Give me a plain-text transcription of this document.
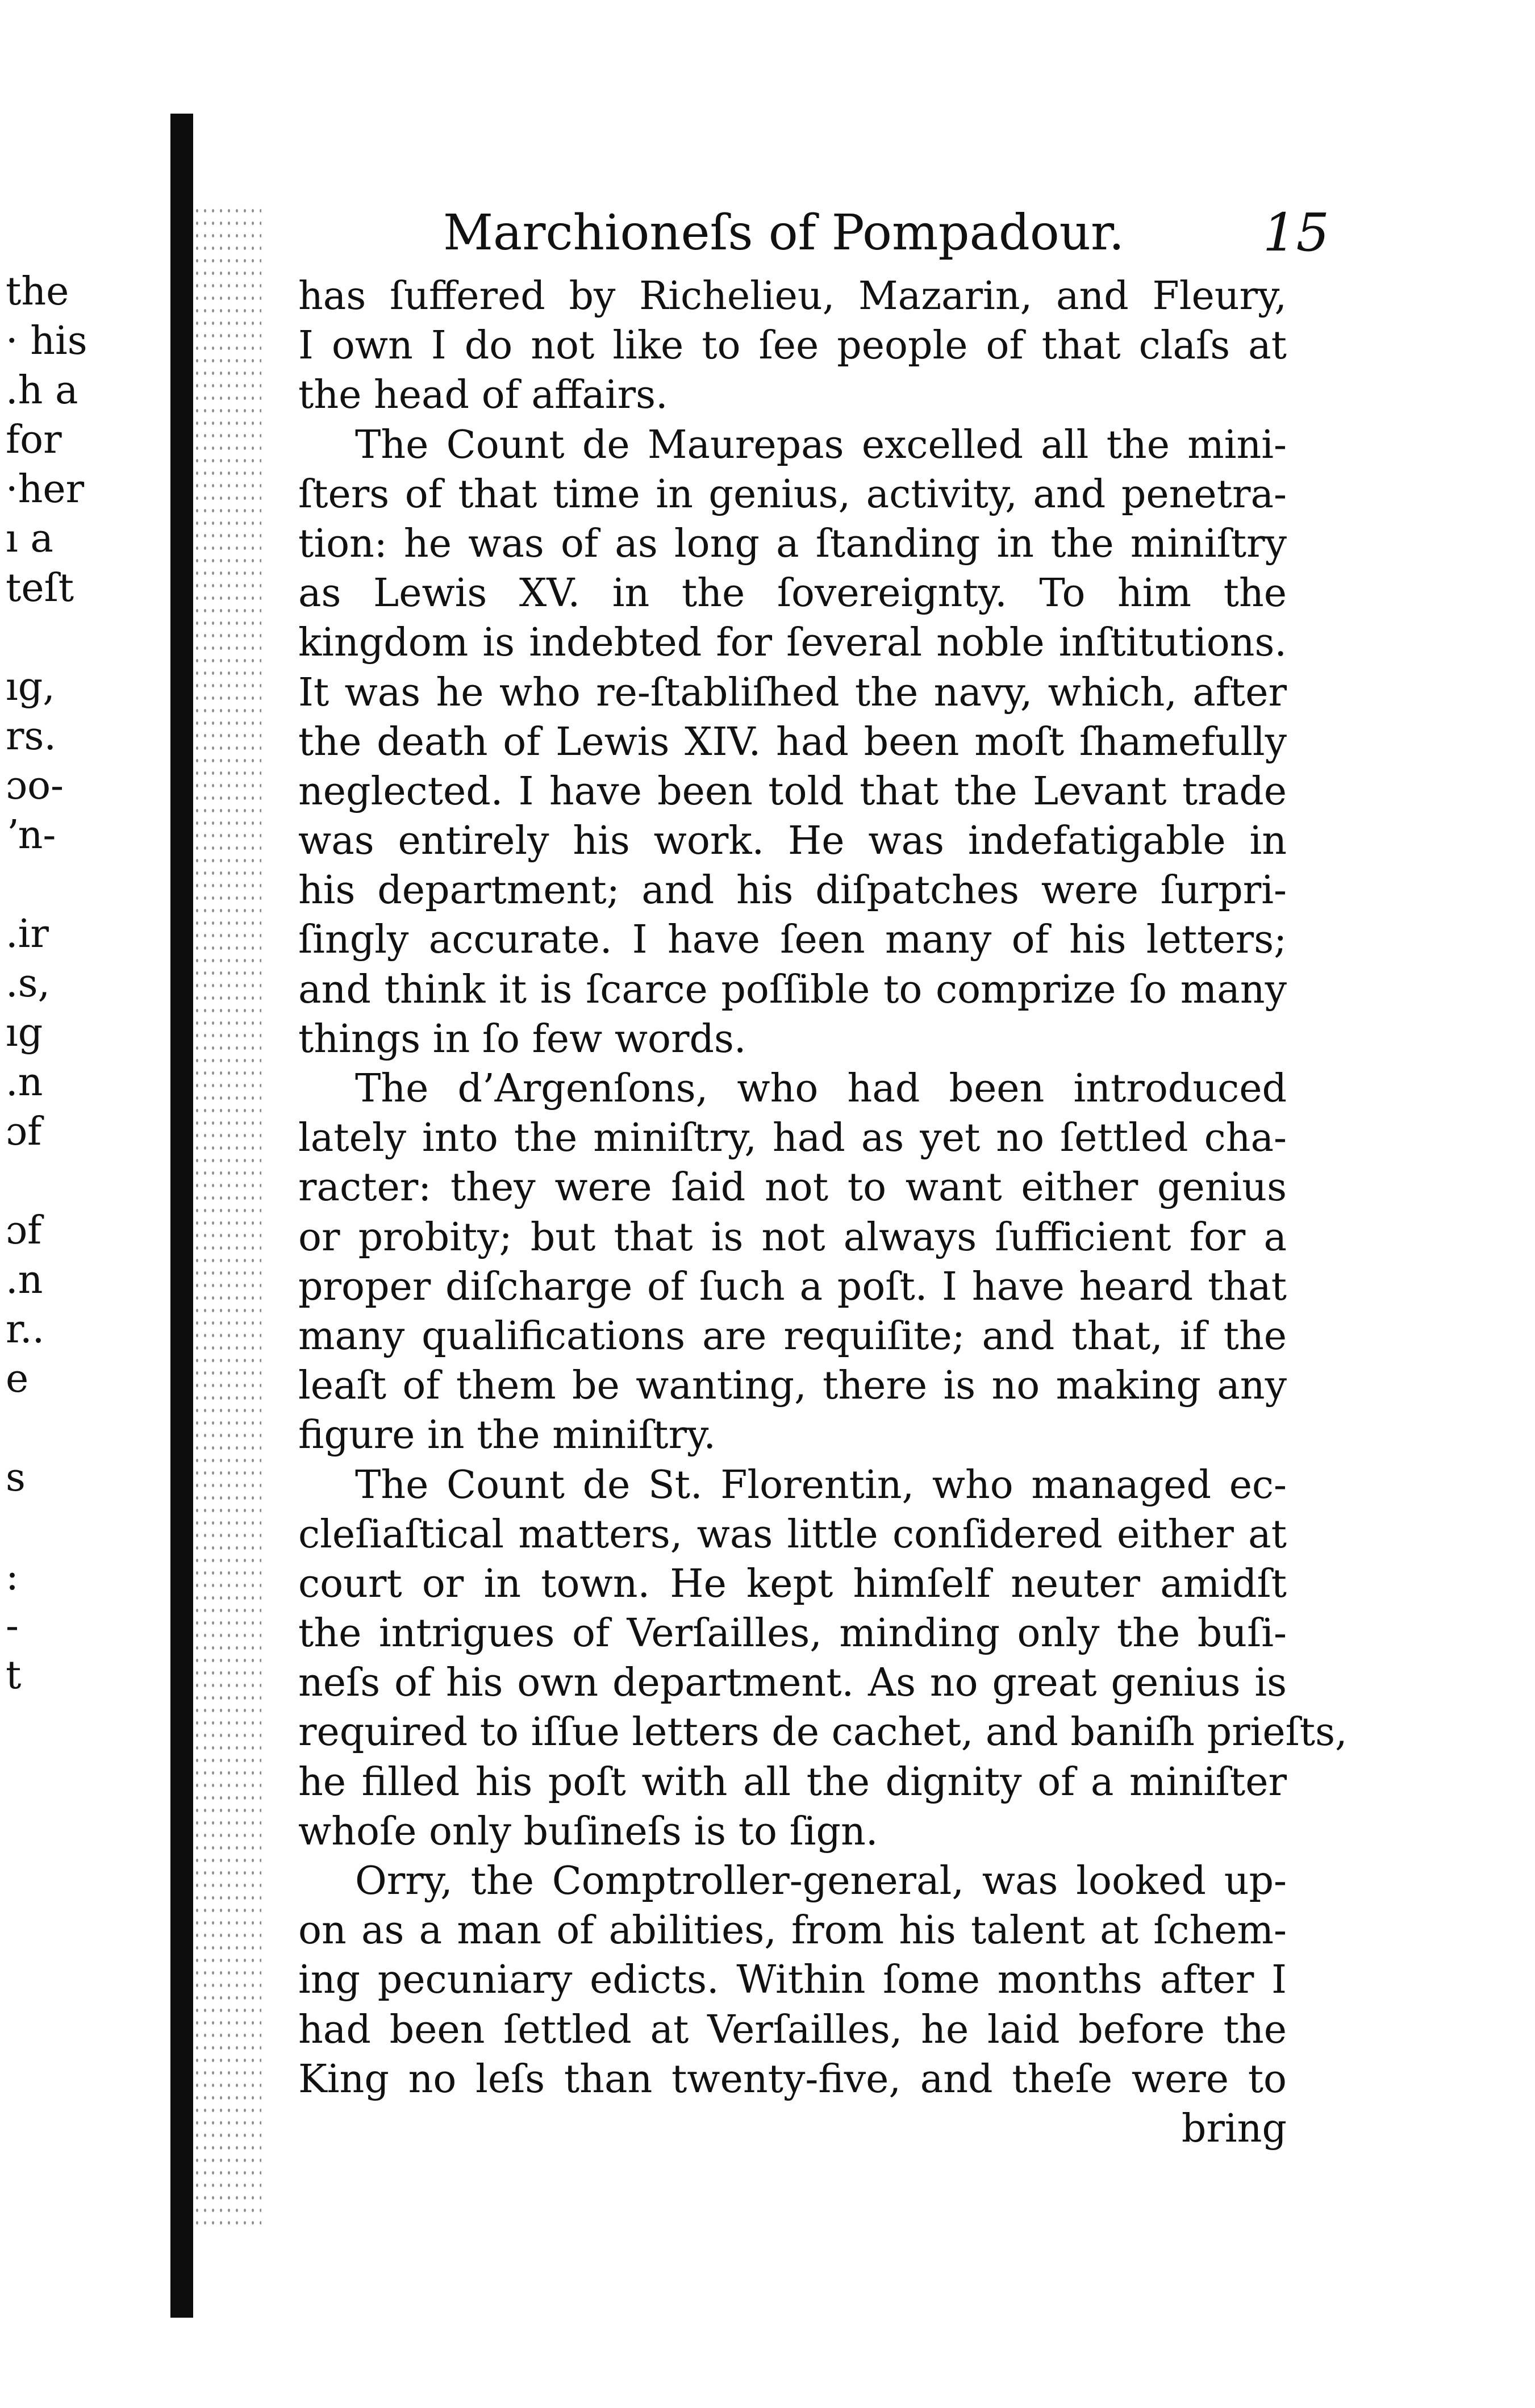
the
· his
.h a
for
·her
ı a
teſt
ıg,
rs.
ɔo-
ʼn-
.ir
.s,
ıg
.n
ɔf
ɔf
.n
r..
e
s
:
-
t
Marchioneſs of Pompadour.	15
has ſuffered by Richelieu, Mazarin, and Fleury,
I own I do not like to ſee people of that claſs at
the head of affairs.
The Count de Maurepas excelled all the mini-
ſters of that time in genius, activity, and penetra-
tion: he was of as long a ſtanding in the miniſtry
as Lewis XV. in the ſovereignty. To him the
kingdom is indebted for ſeveral noble inſtitutions.
It was he who re-ſtabliſhed the navy, which, after
the death of Lewis XIV. had been moſt ſhamefully
neglected. I have been told that the Levant trade
was entirely his work. He was indefatigable in
his department; and his diſpatches were ſurpri-
ſingly accurate. I have ſeen many of his letters;
and think it is ſcarce poſſible to comprize ſo many
things in ſo few words.
The d’Argenſons, who had been introduced
lately into the miniſtry, had as yet no ſettled cha-
racter: they were ſaid not to want either genius
or probity; but that is not always ſufficient for a
proper diſcharge of ſuch a poſt. I have heard that
many qualifications are requiſite; and that, if the
leaſt of them be wanting, there is no making any
figure in the miniſtry.
The Count de St. Florentin, who managed ec-
cleſiaſtical matters, was little conſidered either at
court or in town. He kept himſelf neuter amidſt
the intrigues of Verſailles, minding only the buſi-
neſs of his own department. As no great genius is
required to iſſue letters de cachet, and baniſh prieſts,
he filled his poſt with all the dignity of a miniſter
whoſe only buſineſs is to ſign.
Orry, the Comptroller-general, was looked up-
on as a man of abilities, from his talent at ſchem-
ing pecuniary edicts. Within ſome months after I
had been ſettled at Verſailles, he laid before the
King no leſs than twenty-five, and theſe were to
bring
